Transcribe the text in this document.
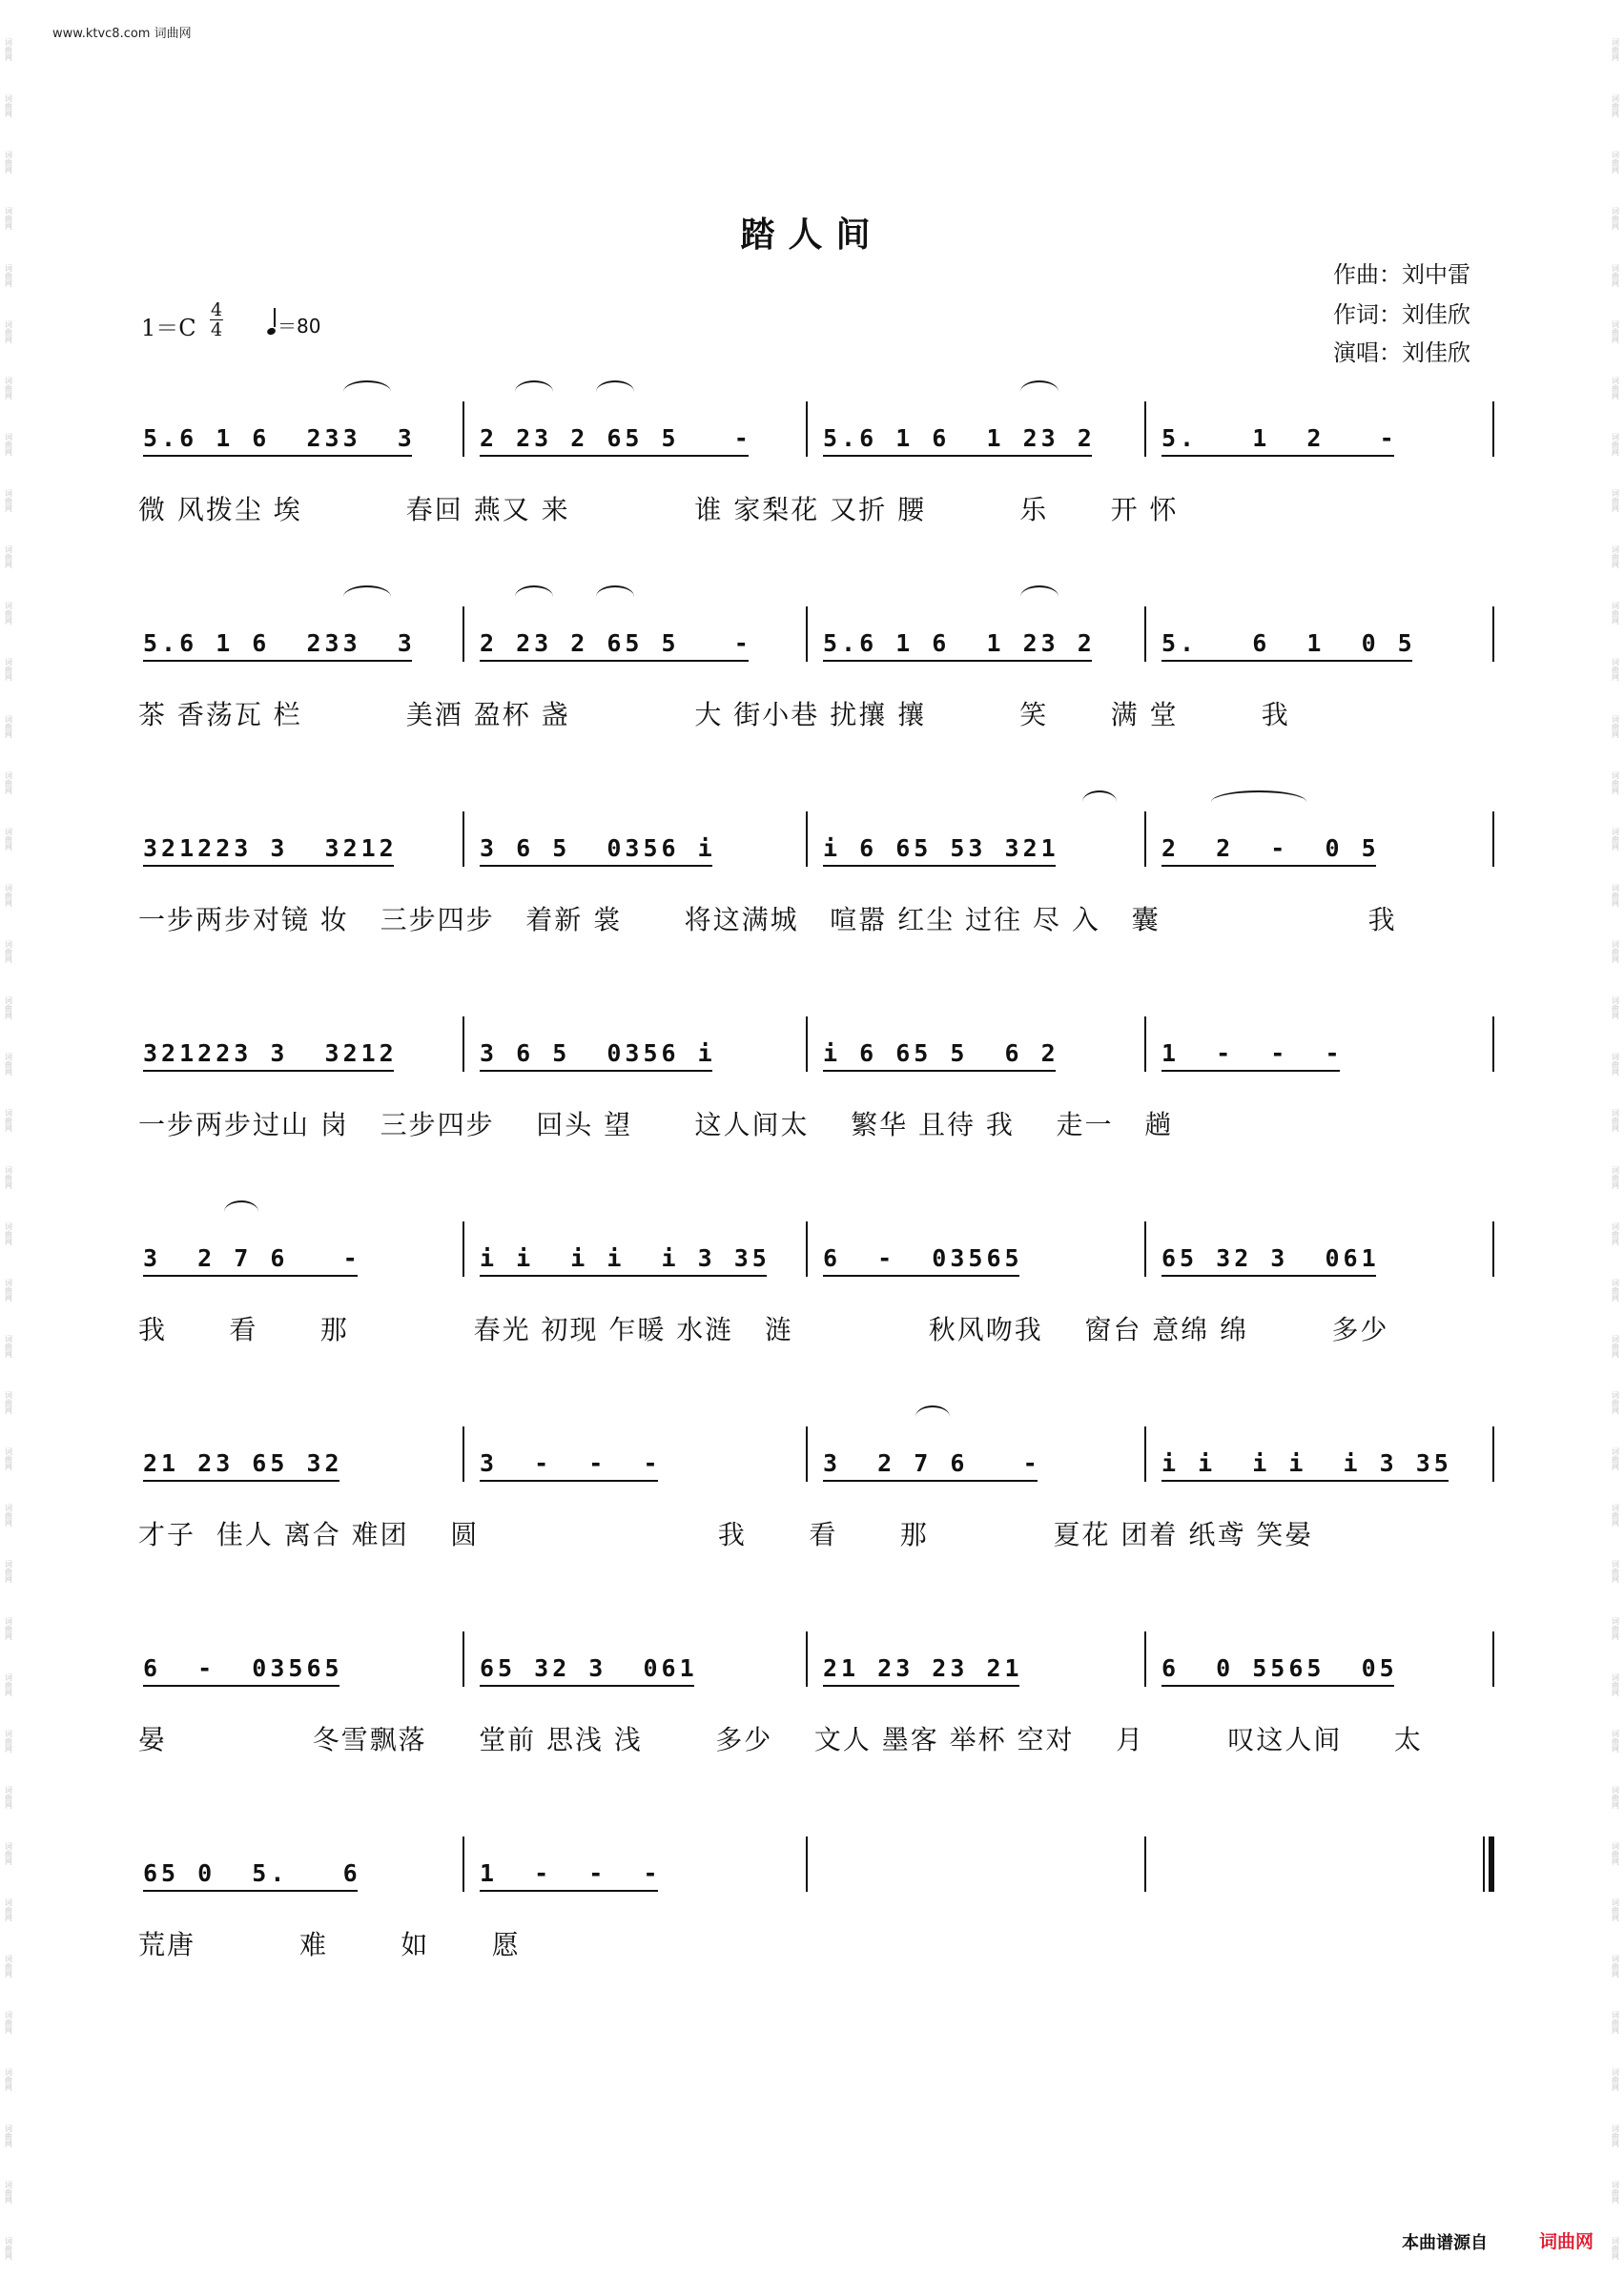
www.ktvc8.com 词曲网
词曲网
词曲网
词曲网
词曲网
词曲网
词曲网
词曲网
词曲网
词曲网
词曲网
词曲网
词曲网
词曲网
词曲网
词曲网
词曲网
词曲网
词曲网
词曲网
词曲网
词曲网
词曲网
词曲网
词曲网
词曲网
词曲网
词曲网
词曲网
词曲网
词曲网
词曲网
词曲网
词曲网
词曲网
词曲网
词曲网
词曲网
词曲网
词曲网
词曲网
词曲网
词曲网
词曲网
词曲网
词曲网
词曲网
词曲网
词曲网
词曲网
词曲网
词曲网
词曲网
词曲网
词曲网
词曲网
词曲网
词曲网
词曲网
词曲网
词曲网
词曲网
词曲网
词曲网
词曲网
词曲网
词曲网
词曲网
词曲网
词曲网
词曲网
词曲网
词曲网
词曲网
词曲网
词曲网
词曲网
词曲网
词曲网
词曲网
词曲网
踏人间
作曲：刘中雷
作词：刘佳欣
演唱：刘佳欣
1＝C
4
4	＝80
5.6 1 6  233  3	2 23 2 65 5   -	5.6 1 6  1 23 2	5.   1  2   -
微 风拨尘 埃          春回 燕又 来            谁 家梨花 又折 腰         乐      开 怀
5.6 1 6  233  3	2 23 2 65 5   -	5.6 1 6  1 23 2	5.   6  1  0 5
茶 香荡瓦 栏          美酒 盈杯 盏            大 街小巷 扰攘 攘         笑      满 堂        我
321223 3  3212	3 6 5  0356 i	i 6 65 53 321	2  2  -  0 5
一步两步对镜 妆   三步四步   着新 裳      将这满城   喧嚣 红尘 过往 尽 入   囊                    我
321223 3  3212	3 6 5  0356 i	i 6 65 5  6 2	1  -  -  -
一步两步过山 岗   三步四步    回头 望      这人间太    繁华 且待 我    走一   趟
3  2 7 6   -	i i  i i  i 3 35 6  -  03565	65 32 3  061
我      看      那            春光 初现 乍暖 水涟   涟             秋风吻我    窗台 意绵 绵        多少
21 23 65 32	3  -  -  -	3  2 7 6   -	i i  i i  i 3 35
才子  佳人 离合 难团    圆                       我      看      那            夏花 团着 纸鸢 笑晏
6  -  03565	65 32 3  061	21 23 23 21	6  0 5565  05
晏              冬雪飘落     堂前 思浅 浅       多少    文人 墨客 举杯 空对    月        叹这人间     太
65 0  5.   6	1  -  -  -
荒唐          难       如      愿
本曲谱源自	词曲网
